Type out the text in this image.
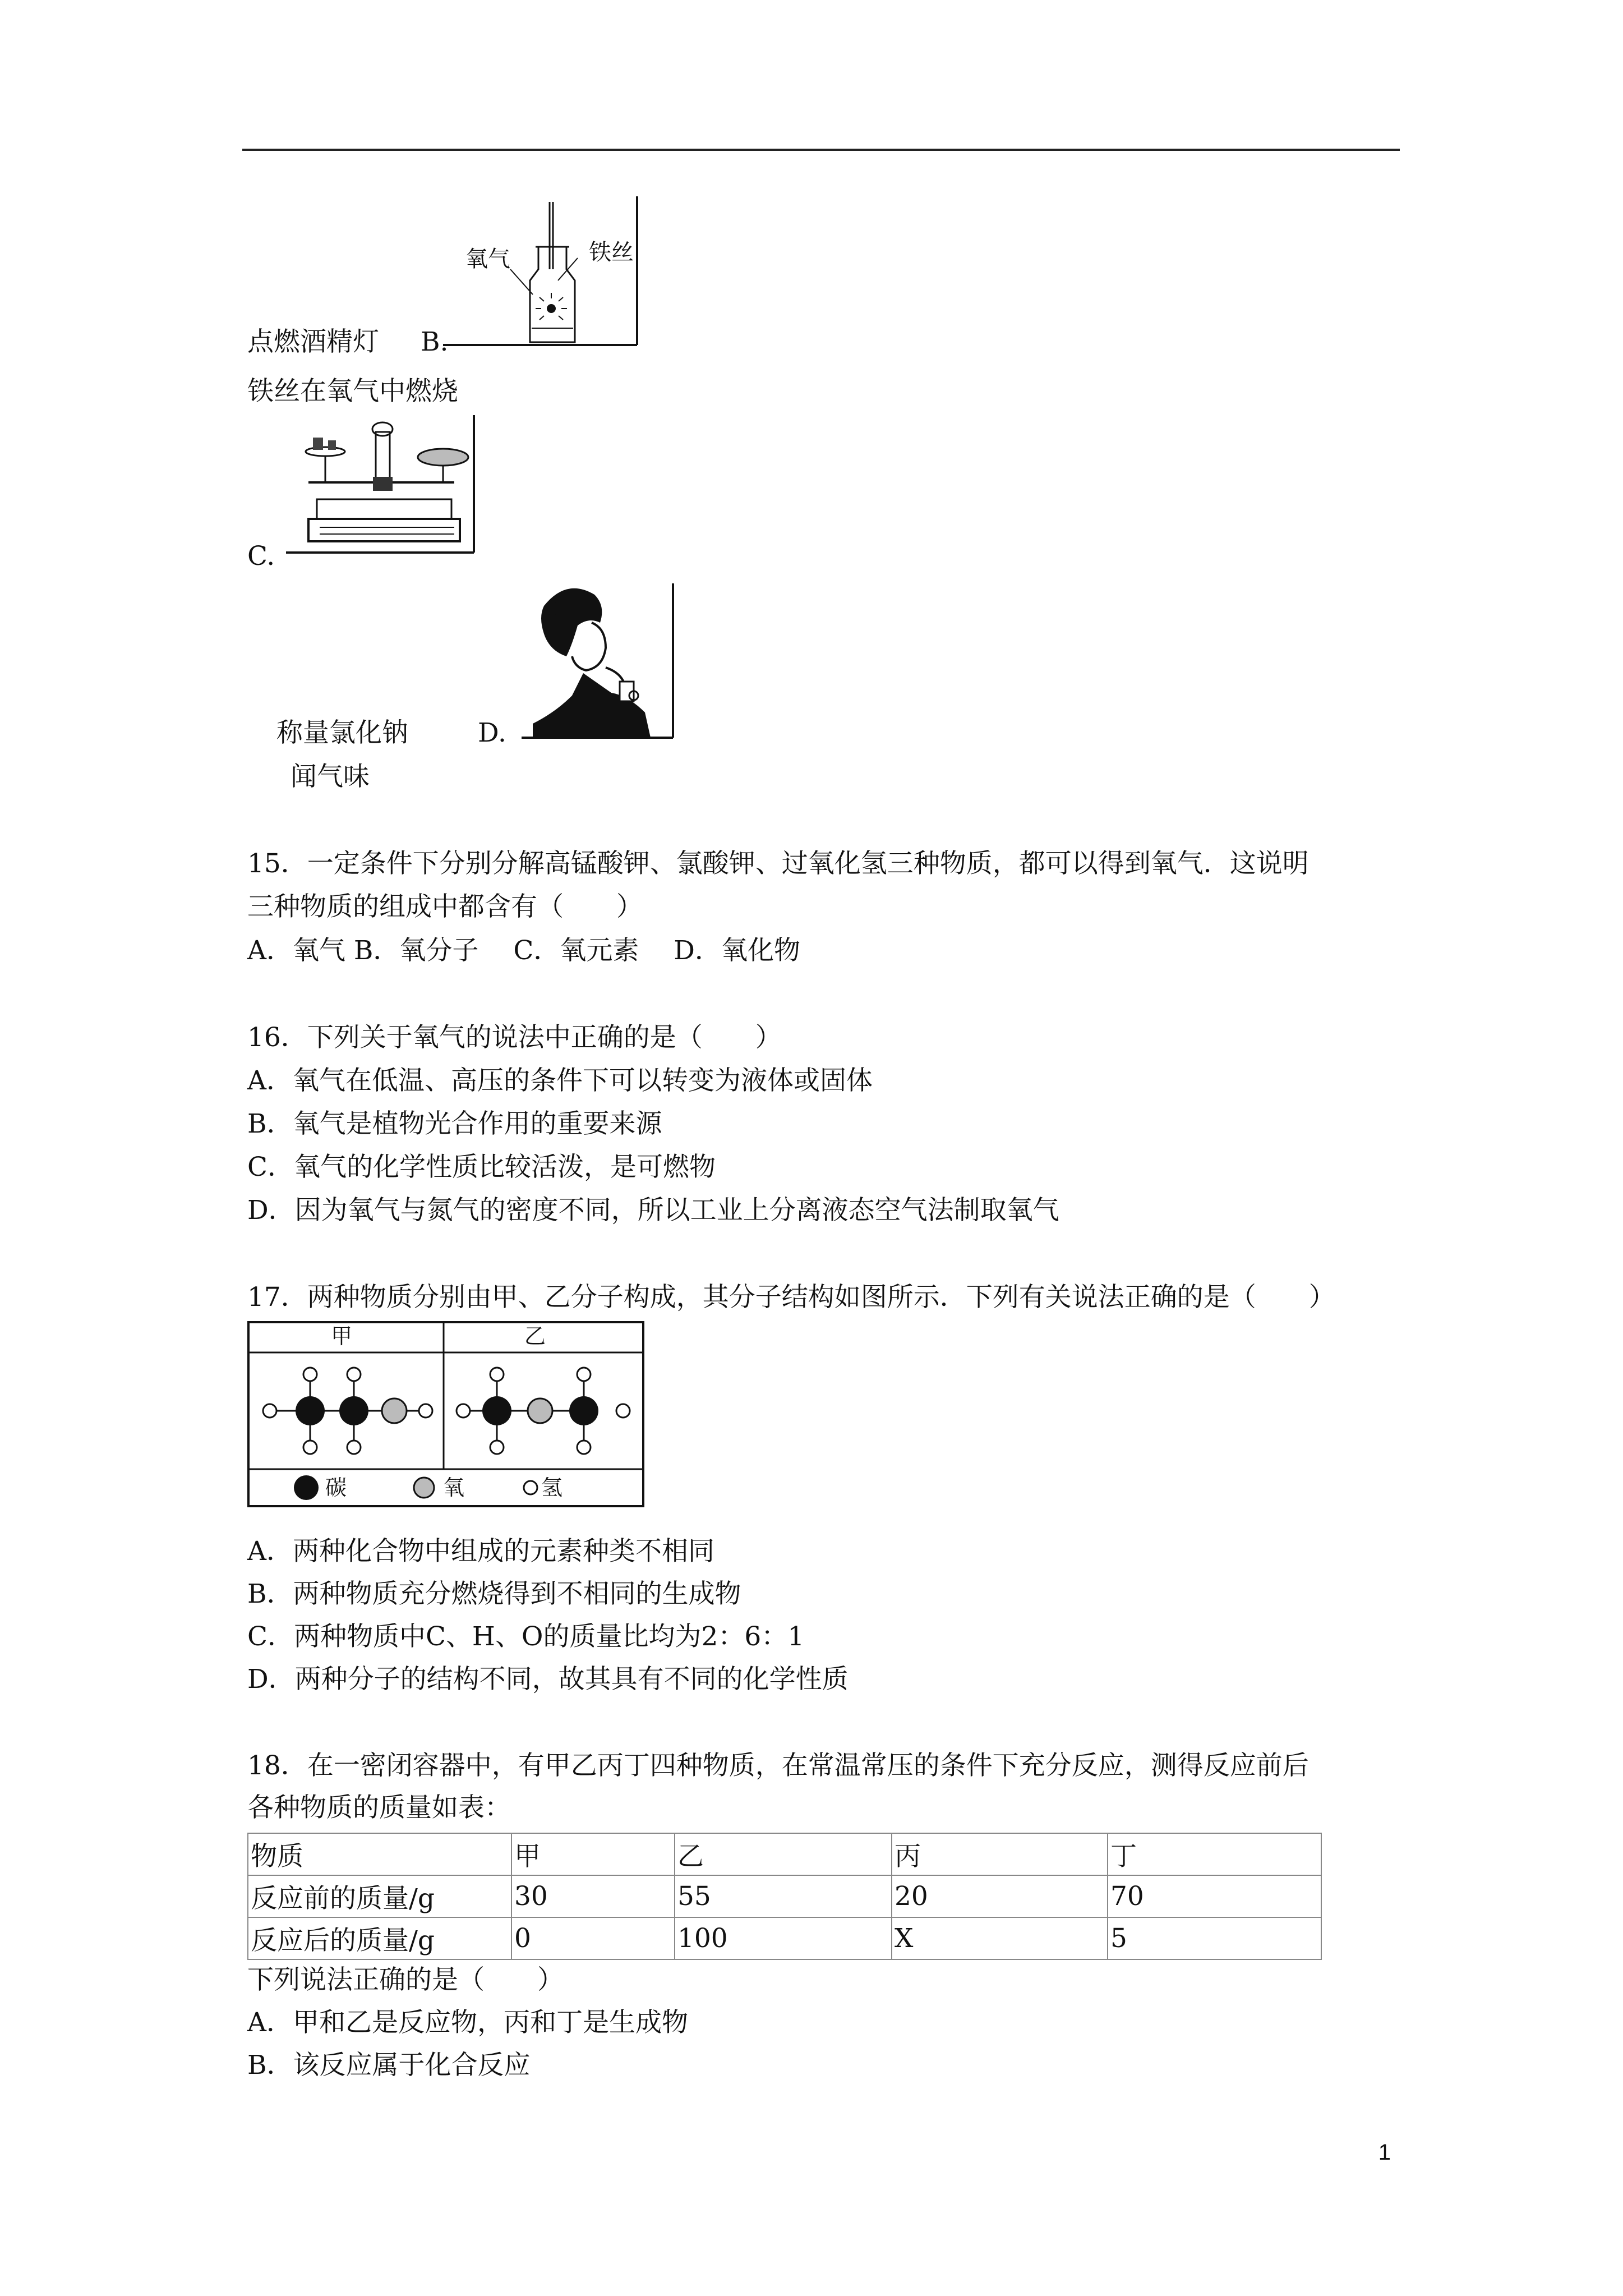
点燃酒精灯 B.
氧气	铁丝
铁丝在氧气中燃烧
C.
称量氯化钠	D.
闻气味
15．一定条件下分别分解高锰酸钾、氯酸钾、过氧化氢三种物质，都可以得到氧气．这说明
三种物质的组成中都含有（　　）
A．氧气 B．氧分子　 C．氧元素　 D．氧化物
16．下列关于氧气的说法中正确的是（　　）
A．氧气在低温、高压的条件下可以转变为液体或固体
B．氧气是植物光合作用的重要来源
C．氧气的化学性质比较活泼，是可燃物
D．因为氧气与氮气的密度不同，所以工业上分离液态空气法制取氧气
17．两种物质分别由甲、乙分子构成，其分子结构如图所示．下列有关说法正确的是（　　）
甲	乙
碳	氧	氢
A．两种化合物中组成的元素种类不相同
B．两种物质充分燃烧得到不相同的生成物
C．两种物质中C、H、O的质量比均为2：6：1
D．两种分子的结构不同，故其具有不同的化学性质
18．在一密闭容器中，有甲乙丙丁四种物质，在常温常压的条件下充分反应，测得反应前后
各种物质的质量如表：
物质	甲	乙	丙	丁
反应前的质量/g	30	55	20	70
反应后的质量/g	0	100	X	5
下列说法正确的是（　　）
A．甲和乙是反应物，丙和丁是生成物
B．该反应属于化合反应
1
